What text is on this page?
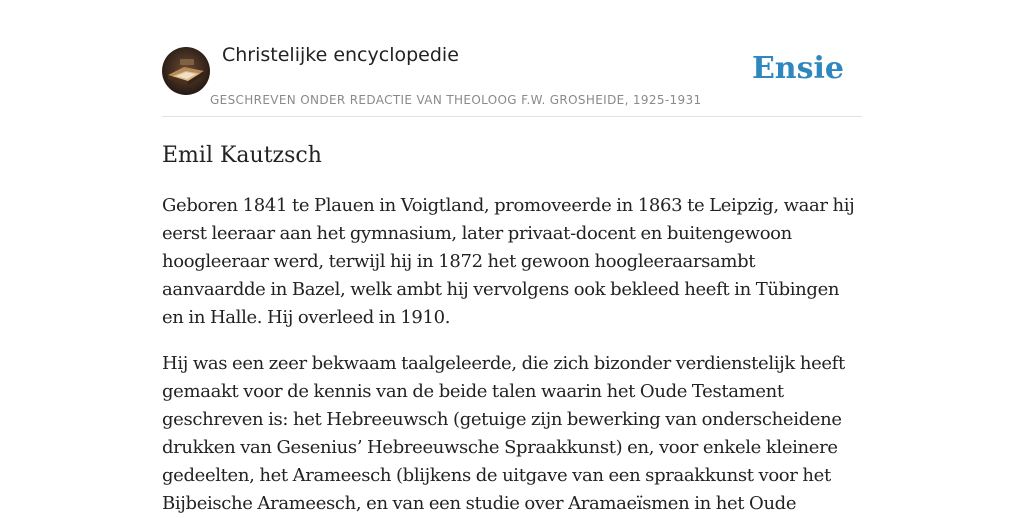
Christelijke encyclopedie
GESCHREVEN ONDER REDACTIE VAN THEOLOOG F.W. GROSHEIDE, 1925-1931
Ensie
Emil Kautzsch

Geboren 1841 te Plauen in Voigtland, promoveerde in 1863 te Leipzig, waar hij eerst leeraar aan het gymnasium, later privaat-docent en buitengewoon hoogleeraar werd, terwijl hij in 1872 het gewoon hoogleeraarsambt aanvaardde in Bazel, welk ambt hij vervolgens ook bekleed heeft in Tübingen en in Halle. Hij overleed in 1910.

Hij was een zeer bekwaam taalgeleerde, die zich bizonder verdienstelijk heeft gemaakt voor de kennis van de beide talen waarin het Oude Testament geschreven is: het Hebreeuwsch (getuige zijn bewerking van onderscheidene drukken van Gesenius’ Hebreeuwsche Spraakkunst) en, voor enkele kleinere gedeelten, het Arameesch (blijkens de uitgave van een spraakkunst voor het Bijbeische Arameesch, en van een studie over Aramaeïsmen in het Oude
